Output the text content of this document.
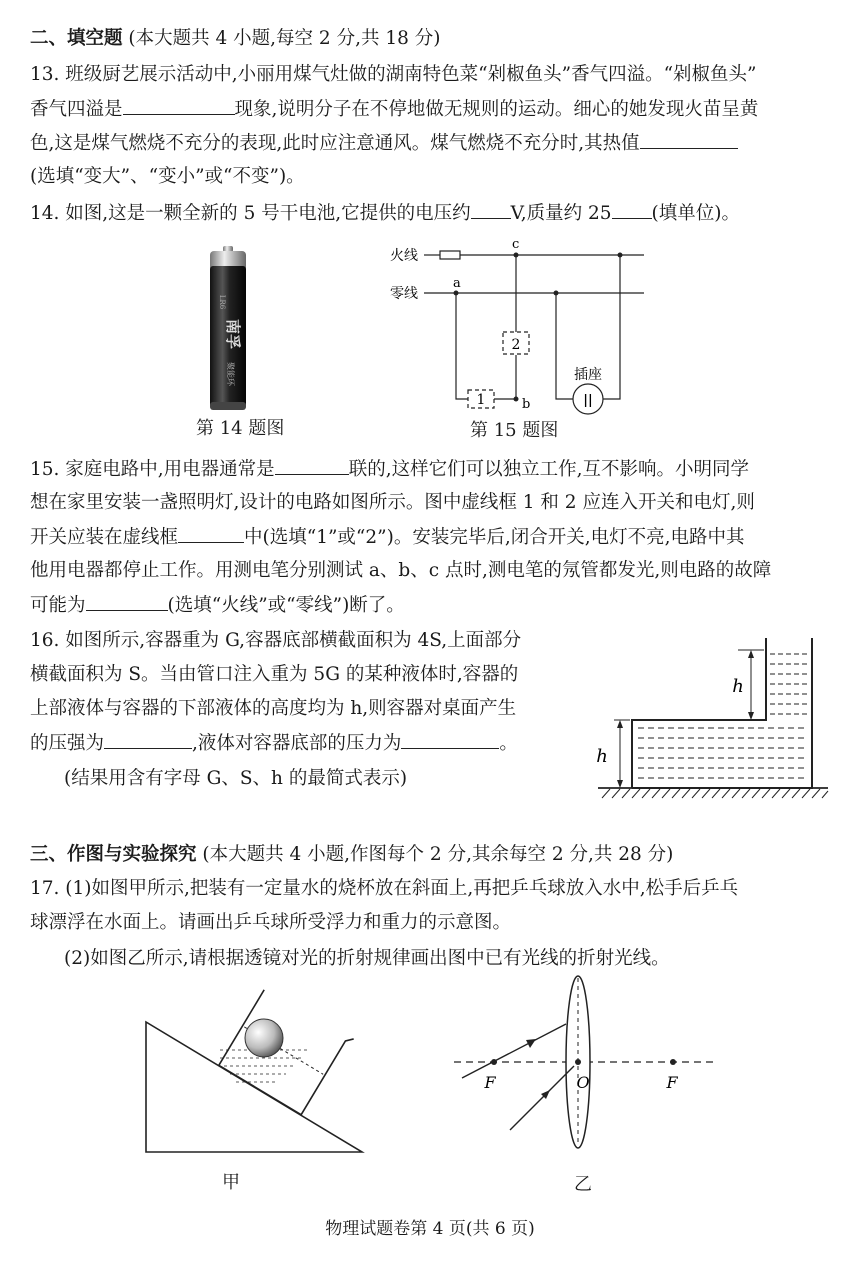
二、填空题 (本大题共 4 小题,每空 2 分,共 18 分)
13. 班级厨艺展示活动中,小丽用煤气灶做的湖南特色菜“剁椒鱼头”香气四溢。“剁椒鱼头”
香气四溢是	现象,说明分子在不停地做无规则的运动。细心的她发现火苗呈黄
色,这是煤气燃烧不充分的表现,此时应注意通风。煤气燃烧不充分时,其热值
(选填“变大”、“变小”或“不变”)。
14. 如图,这是一颗全新的 5 号干电池,它提供的电压约 V,质量约 25 (填单位)。
南孚
聚能环
LR6
第 14 题图
火线
零线
c
a
1	b
2
||
插座
第 15 题图
15. 家庭电路中,用电器通常是	联的,这样它们可以独立工作,互不影响。小明同学
想在家里安装一盏照明灯,设计的电路如图所示。图中虚线框 1 和 2 应连入开关和电灯,则
开关应装在虚线框	中(选填“1”或“2”)。安装完毕后,闭合开关,电灯不亮,电路中其
他用电器都停止工作。用测电笔分别测试 a、b、c 点时,测电笔的氖管都发光,则电路的故障
可能为	(选填“火线”或“零线”)断了。
16. 如图所示,容器重为 G,容器底部横截面积为 4S,上面部分
横截面积为 S。当由管口注入重为 5G 的某种液体时,容器的
上部液体与容器的下部液体的高度均为 h,则容器对桌面产生
的压强为	,液体对容器底部的压力为	。
(结果用含有字母 G、S、h 的最简式表示)
h
h
三、作图与实验探究 (本大题共 4 小题,作图每个 2 分,其余每空 2 分,共 28 分)
17. (1)如图甲所示,把装有一定量水的烧杯放在斜面上,再把乒乓球放入水中,松手后乒乓
球漂浮在水面上。请画出乒乓球所受浮力和重力的示意图。
(2)如图乙所示,请根据透镜对光的折射规律画出图中已有光线的折射光线。
甲
F	O	F
乙
物理试题卷第 4 页(共 6 页)
